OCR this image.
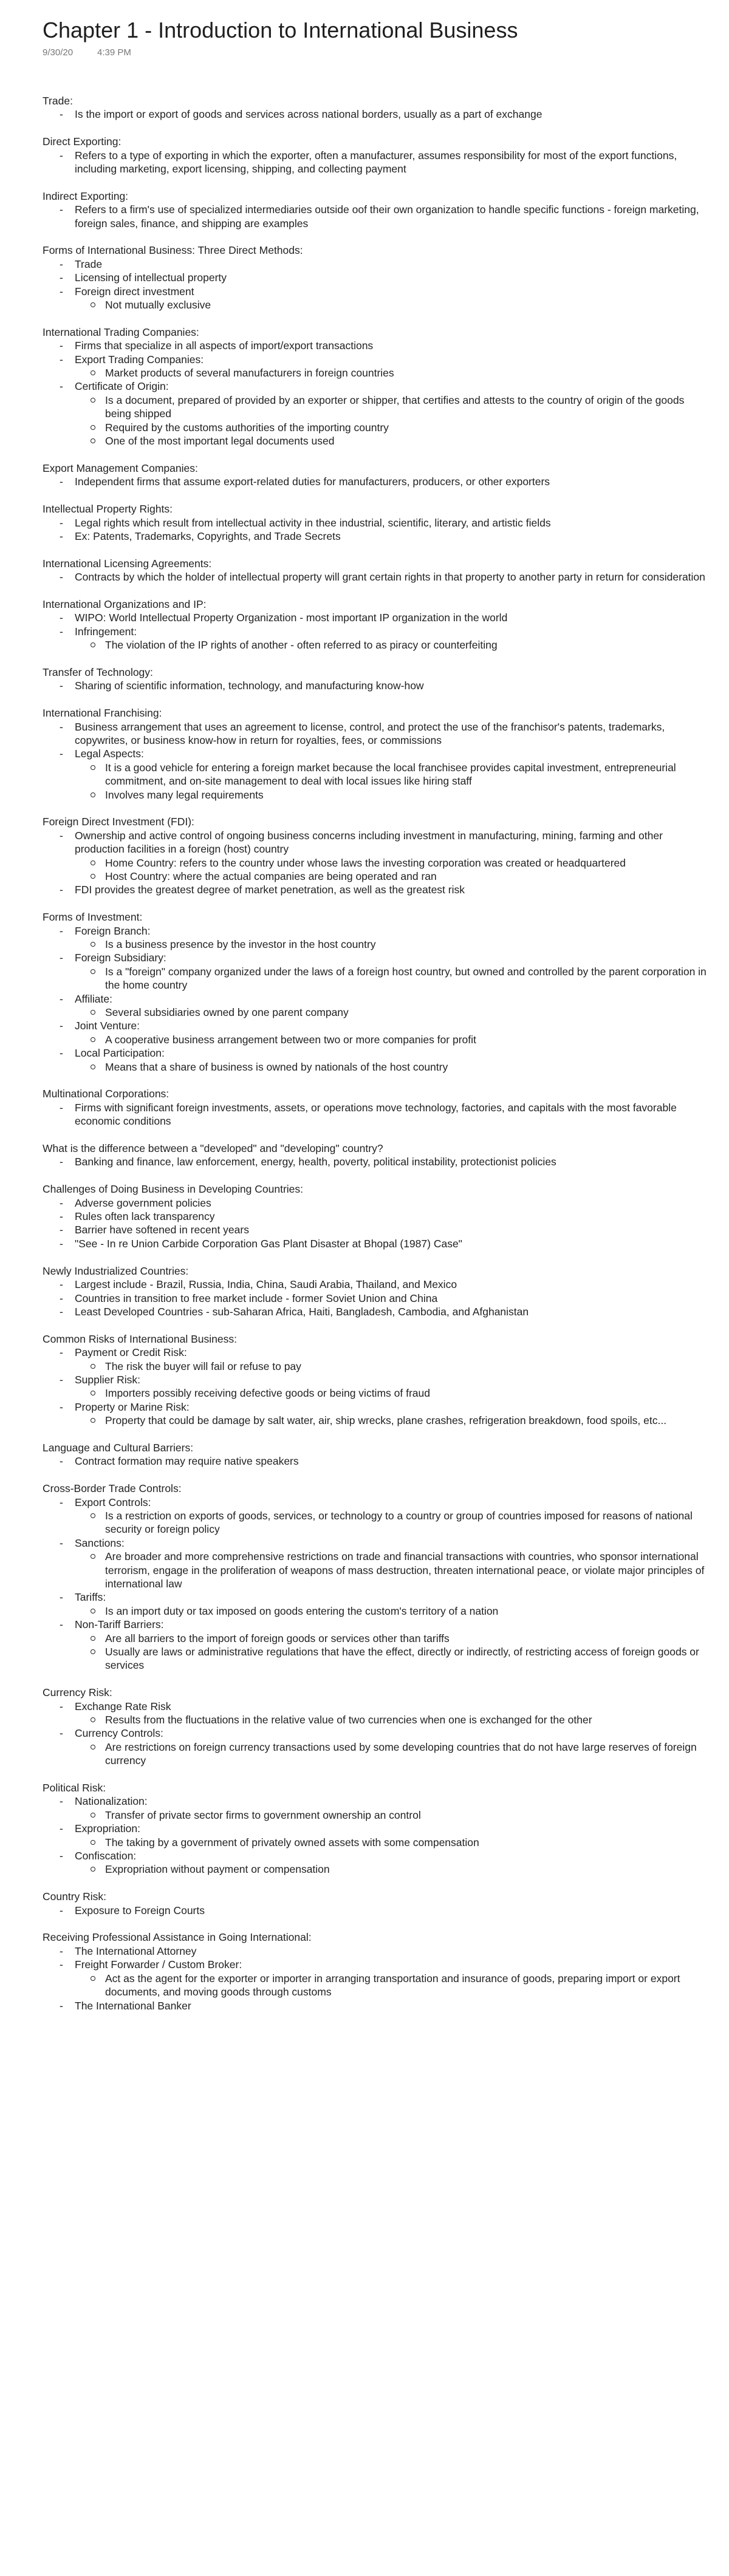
Chapter 1 - Introduction to International Business
9/30/20	4:39 PM
Trade:
- Is the import or export of goods and services across national borders, usually as a part of exchange
Direct Exporting:
- Refers to a type of exporting in which the exporter, often a manufacturer, assumes responsibility for most of the export functions, including marketing, export licensing, shipping, and collecting payment
Indirect Exporting:
- Refers to a firm's use of specialized intermediaries outside oof their own organization to handle specific functions - foreign marketing, foreign sales, finance, and shipping are examples
Forms of International Business: Three Direct Methods:
- Trade
- Licensing of intellectual property
- Foreign direct investment
Not mutually exclusive
International Trading Companies:
- Firms that specialize in all aspects of import/export transactions
- Export Trading Companies:
Market products of several manufacturers in foreign countries
- Certificate of Origin:
Is a document, prepared of provided by an exporter or shipper, that certifies and attests to the country of origin of the goods being shipped
Required by the customs authorities of the importing country
One of the most important legal documents used
Export Management Companies:
- Independent firms that assume export-related duties for manufacturers, producers, or other exporters
Intellectual Property Rights:
- Legal rights which result from intellectual activity in thee industrial, scientific, literary, and artistic fields
- Ex: Patents, Trademarks, Copyrights, and Trade Secrets
International Licensing Agreements:
- Contracts by which the holder of intellectual property will grant certain rights in that property to another party in return for consideration
International Organizations and IP:
- WIPO: World Intellectual Property Organization - most important IP organization in the world
- Infringement:
The violation of the IP rights of another - often referred to as piracy or counterfeiting
Transfer of Technology:
- Sharing of scientific information, technology, and manufacturing know-how
International Franchising:
- Business arrangement that uses an agreement to license, control, and protect the use of the franchisor's patents, trademarks, copywrites, or business know-how in return for royalties, fees, or commissions
- Legal Aspects:
It is a good vehicle for entering a foreign market because the local franchisee provides capital investment, entrepreneurial commitment, and on-site management to deal with local issues like hiring staff
Involves many legal requirements
Foreign Direct Investment (FDI):
- Ownership and active control of ongoing business concerns including investment in manufacturing, mining, farming and other production facilities in a foreign (host) country
Home Country: refers to the country under whose laws the investing corporation was created or headquartered
Host Country: where the actual companies are being operated and ran
- FDI provides the greatest degree of market penetration, as well as the greatest risk
Forms of Investment:
- Foreign Branch:
Is a business presence by the investor in the host country
- Foreign Subsidiary:
Is a "foreign" company organized under the laws of a foreign host country, but owned and controlled by the parent corporation in the home country
- Affiliate:
Several subsidiaries owned by one parent company
- Joint Venture:
A cooperative business arrangement between two or more companies for profit
- Local Participation:
Means that a share of business is owned by nationals of the host country
Multinational Corporations:
- Firms with significant foreign investments, assets, or operations move technology, factories, and capitals with the most favorable economic conditions
What is the difference between a "developed" and "developing" country?
- Banking and finance, law enforcement, energy, health, poverty, political instability, protectionist policies
Challenges of Doing Business in Developing Countries:
- Adverse government policies
- Rules often lack transparency
- Barrier have softened in recent years
- "See - In re Union Carbide Corporation Gas Plant Disaster at Bhopal (1987) Case"
Newly Industrialized Countries:
- Largest include - Brazil, Russia, India, China, Saudi Arabia, Thailand, and Mexico
- Countries in transition to free market include - former Soviet Union and China
- Least Developed Countries - sub-Saharan Africa, Haiti, Bangladesh, Cambodia, and Afghanistan
Common Risks of International Business:
- Payment or Credit Risk:
The risk the buyer will fail or refuse to pay
- Supplier Risk:
Importers possibly receiving defective goods or being victims of fraud
- Property or Marine Risk:
Property that could be damage by salt water, air, ship wrecks, plane crashes, refrigeration breakdown, food spoils, etc...
Language and Cultural Barriers:
- Contract formation may require native speakers
Cross-Border Trade Controls:
- Export Controls:
Is a restriction on exports of goods, services, or technology to a country or group of countries imposed for reasons of national security or foreign policy
- Sanctions:
Are broader and more comprehensive restrictions on trade and financial transactions with countries, who sponsor international terrorism, engage in the proliferation of weapons of mass destruction, threaten international peace, or violate major principles of international law
- Tariffs:
Is an import duty or tax imposed on goods entering the custom's territory of a nation
- Non-Tariff Barriers:
Are all barriers to the import of foreign goods or services other than tariffs
Usually are laws or administrative regulations that have the effect, directly or indirectly, of restricting access of foreign goods or services
Currency Risk:
- Exchange Rate Risk
Results from the fluctuations in the relative value of two currencies when one is exchanged for the other
- Currency Controls:
Are restrictions on foreign currency transactions used by some developing countries that do not have large reserves of foreign currency
Political Risk:
- Nationalization:
Transfer of private sector firms to government ownership an control
- Expropriation:
The taking by a government of privately owned assets with some compensation
- Confiscation:
Expropriation without payment or compensation
Country Risk:
- Exposure to Foreign Courts
Receiving Professional Assistance in Going International:
- The International Attorney
- Freight Forwarder / Custom Broker:
Act as the agent for the exporter or importer in arranging transportation and insurance of goods, preparing import or export documents, and moving goods through customs
- The International Banker
